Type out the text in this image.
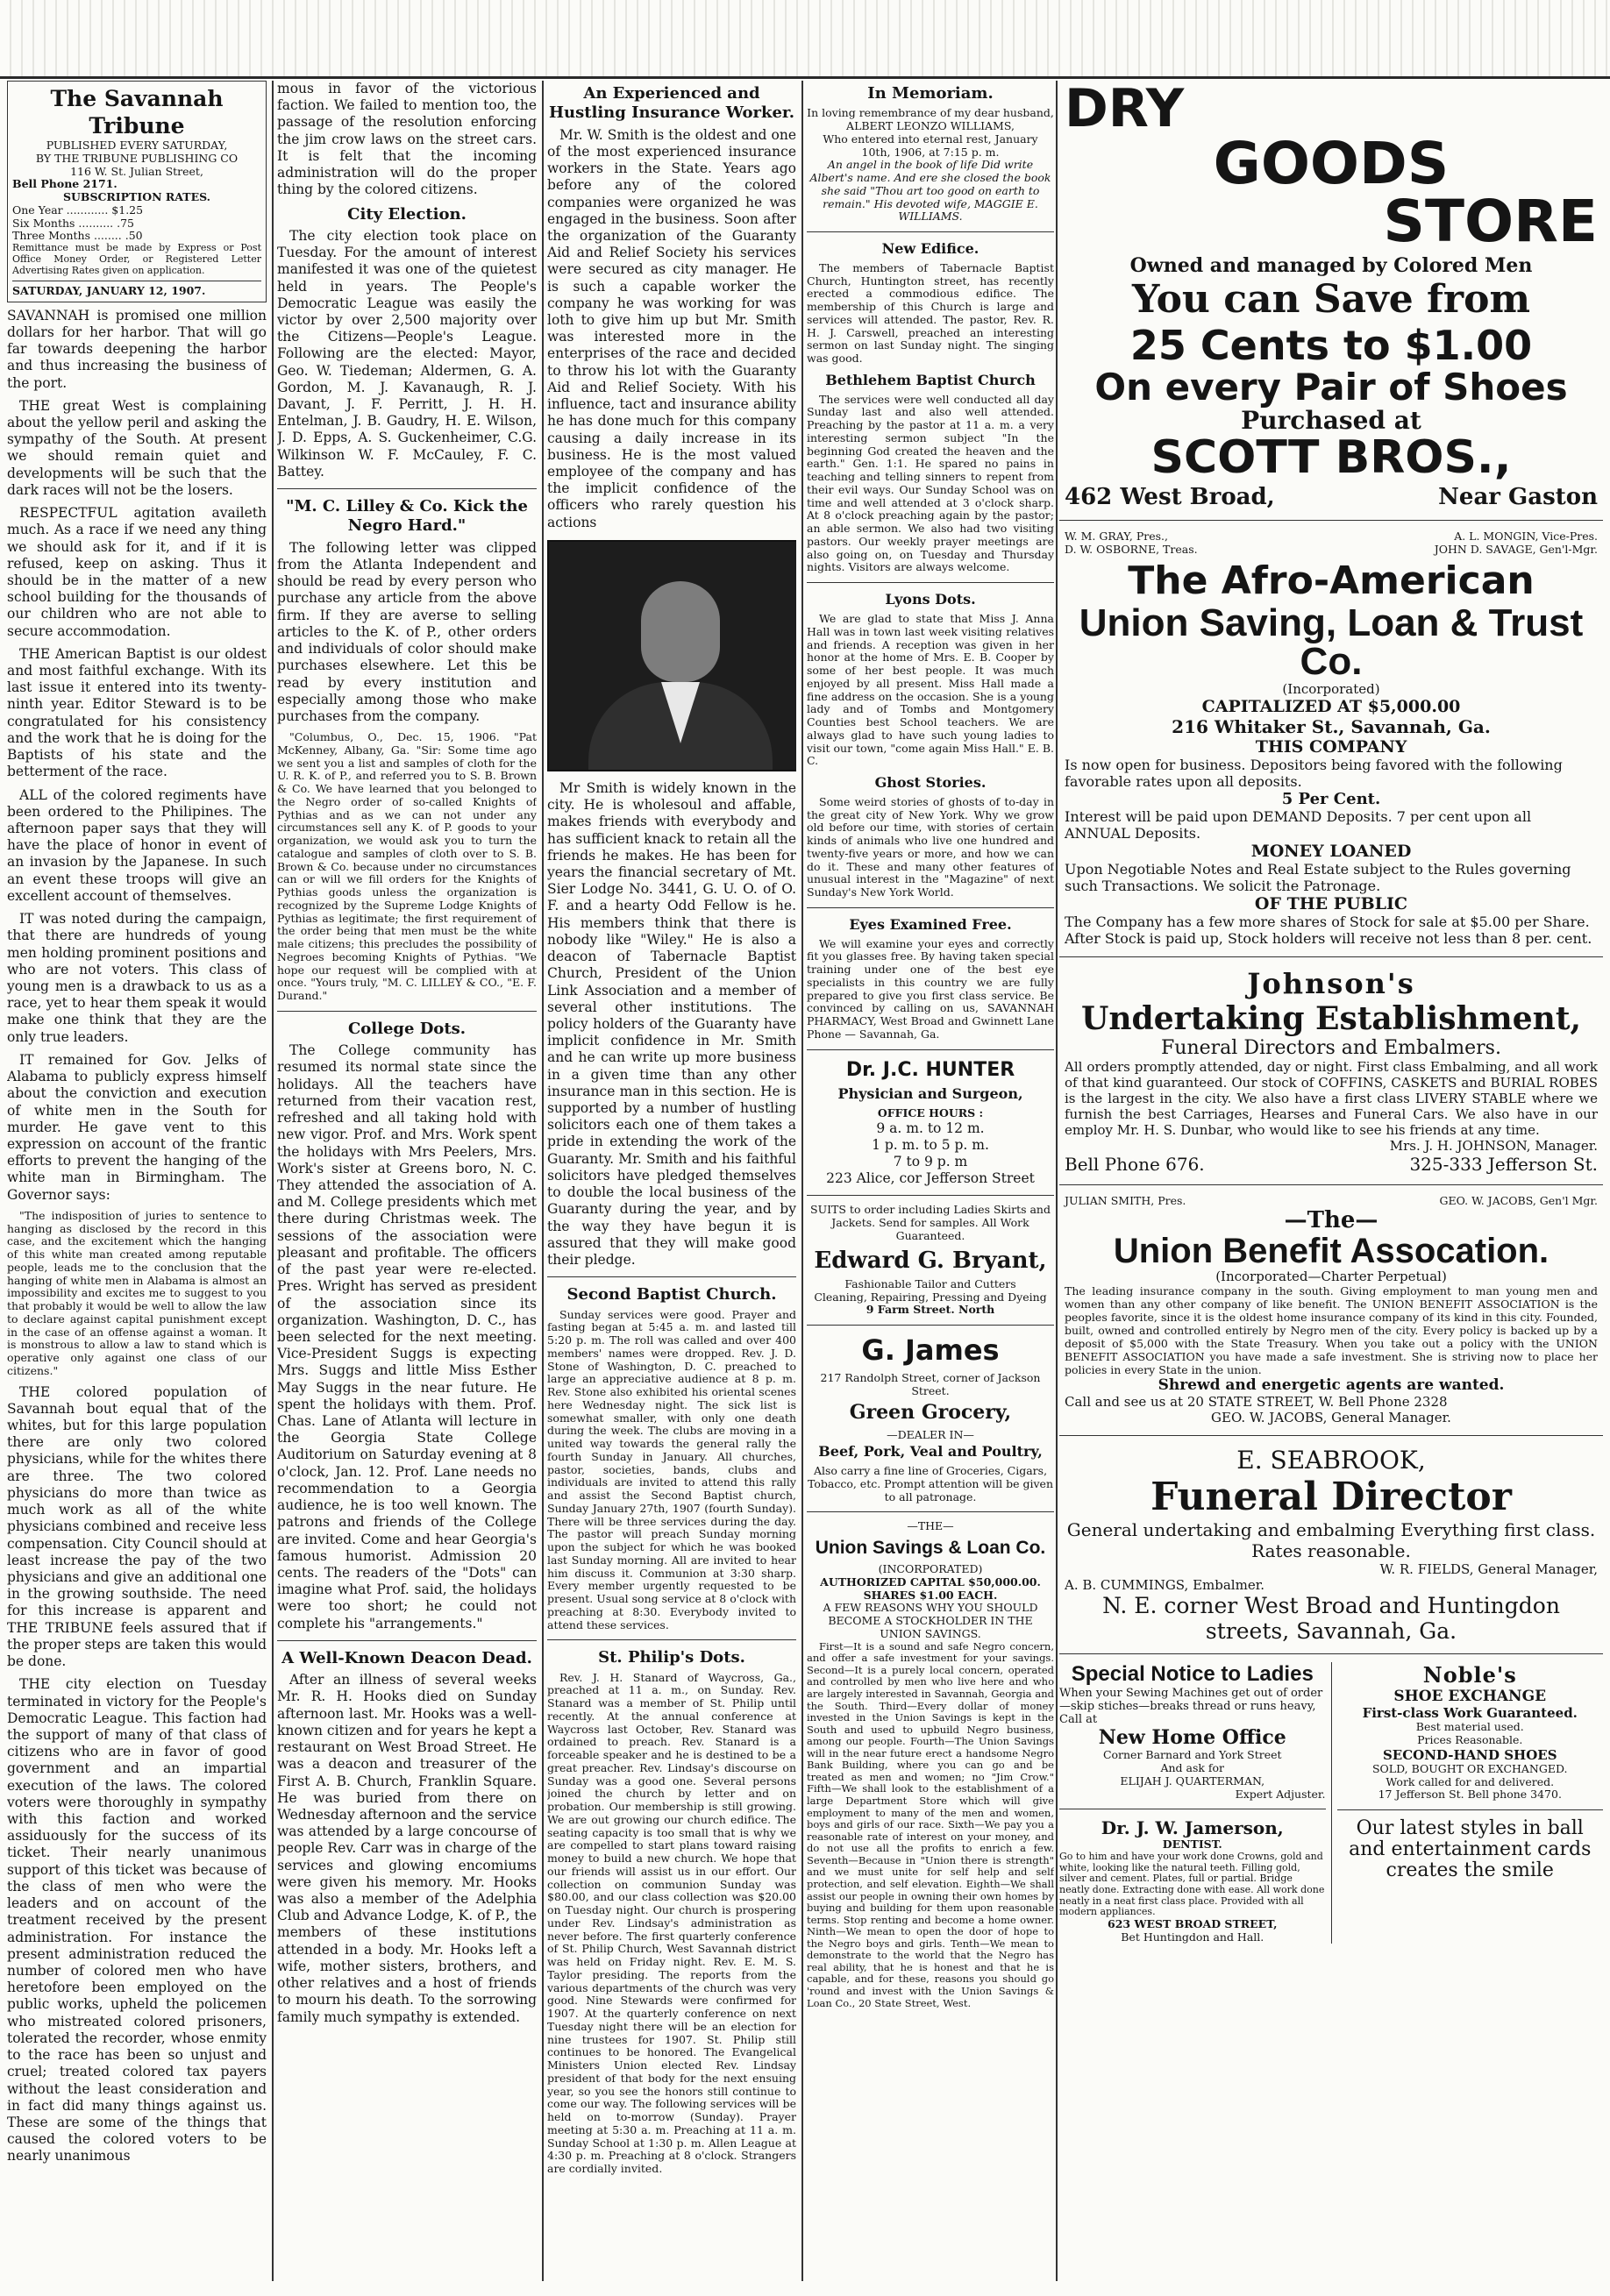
The Savannah Tribune
PUBLISHED EVERY SATURDAY,
BY THE TRIBUNE PUBLISHING CO
116 W. St. Julian Street,
Bell Phone 2171.
SUBSCRIPTION RATES.
One Year ............ $1.25
Six Months .......... .75
Three Months ........ .50
Remittance must be made by Express or Post Office Money Order, or Registered Letter Advertising Rates given on application.
SATURDAY, JANUARY 12, 1907.

SAVANNAH is promised one million dollars for her harbor. That will go far towards deepening the harbor and thus increasing the business of the port.

THE great West is complaining about the yellow peril and asking the sympathy of the South. At present we should remain quiet and developments will be such that the dark races will not be the losers.

RESPECTFUL agitation availeth much. As a race if we need any thing we should ask for it, and if it is refused, keep on asking. Thus it should be in the matter of a new school building for the thousands of our children who are not able to secure accommodation.

THE American Baptist is our oldest and most faithful exchange. With its last issue it entered into its twenty-ninth year. Editor Steward is to be congratulated for his consistency and the work that he is doing for the Baptists of his state and the betterment of the race.

ALL of the colored regiments have been ordered to the Philipines. The afternoon paper says that they will have the place of honor in event of an invasion by the Japanese. In such an event these troops will give an excellent account of themselves.

IT was noted during the campaign, that there are hundreds of young men holding prominent positions and who are not voters. This class of young men is a drawback to us as a race, yet to hear them speak it would make one think that they are the only true leaders.

IT remained for Gov. Jelks of Alabama to publicly express himself about the conviction and execution of white men in the South for murder. He gave vent to this expression on account of the frantic efforts to prevent the hanging of the white man in Birmingham. The Governor says:

"The indisposition of juries to sentence to hanging as disclosed by the record in this case, and the excitement which the hanging of this white man created among reputable people, leads me to the conclusion that the hanging of white men in Alabama is almost an impossibility and excites me to suggest to you that probably it would be well to allow the law to declare against capital punishment except in the case of an offense against a woman. It is monstrous to allow a law to stand which is operative only against one class of our citizens."

THE colored population of Savannah bout equal that of the whites, but for this large population there are only two colored physicians, while for the whites there are three. The two colored physicians do more than twice as much work as all of the white physicians combined and receive less compensation. City Council should at least increase the pay of the two physicians and give an additional one in the growing southside. The need for this increase is apparent and THE TRIBUNE feels assured that if the proper steps are taken this would be done.

THE city election on Tuesday terminated in victory for the People's Democratic League. This faction had the support of many of that class of citizens who are in favor of good government and an impartial execution of the laws. The colored voters were thoroughly in sympathy with this faction and worked assiduously for the success of its ticket. Their nearly unanimous support of this ticket was because of the class of men who were the leaders and on account of the treatment received by the present administration. For instance the present administration reduced the number of colored men who have heretofore been employed on the public works, upheld the policemen who mistreated colored prisoners, tolerated the recorder, whose enmity to the race has been so unjust and cruel; treated colored tax payers without the least consideration and in fact did many things against us. These are some of the things that caused the colored voters to be nearly unanimous

mous in favor of the victorious faction. We failed to mention too, the passage of the resolution enforcing the jim crow laws on the street cars. It is felt that the incoming administration will do the proper thing by the colored citizens.

City Election.

The city election took place on Tuesday. For the amount of interest manifested it was one of the quietest held in years. The People's Democratic League was easily the victor by over 2,500 majority over the Citizens—People's League. Following are the elected: Mayor, Geo. W. Tiedeman; Aldermen, G. A. Gordon, M. J. Kavanaugh, R. J. Davant, J. F. Perritt, J. H. H. Entelman, J. B. Gaudry, H. E. Wilson, J. D. Epps, A. S. Guckenheimer, C.G. Wilkinson W. F. McCauley, F. C. Battey.

"M. C. Lilley & Co. Kick the Negro Hard."

The following letter was clipped from the Atlanta Independent and should be read by every person who purchase any article from the above firm. If they are averse to selling articles to the K. of P., other orders and individuals of color should make purchases elsewhere. Let this be read by every institution and especially among those who make purchases from the company.

"Columbus, O., Dec. 15, 1906. "Pat McKenney, Albany, Ga. "Sir: Some time ago we sent you a list and samples of cloth for the U. R. K. of P., and referred you to S. B. Brown & Co. We have learned that you belonged to the Negro order of so-called Knights of Pythias and as we can not under any circumstances sell any K. of P. goods to your organization, we would ask you to turn the catalogue and samples of cloth over to S. B. Brown & Co. because under no circumstances can or will we fill orders for the Knights of Pythias goods unless the organization is recognized by the Supreme Lodge Knights of Pythias as legitimate; the first requirement of the order being that men must be the white male citizens; this precludes the possibility of Negroes becoming Knights of Pythias. "We hope our request will be complied with at once. "Yours truly, "M. C. LILLEY & CO., "E. F. Durand."

College Dots.

The College community has resumed its normal state since the holidays. All the teachers have returned from their vacation rest, refreshed and all taking hold with new vigor. Prof. and Mrs. Work spent the holidays with Mrs Peelers, Mrs. Work's sister at Greens boro, N. C. They attended the association of A. and M. College presidents which met there during Christmas week. The sessions of the association were pleasant and profitable. The officers of the past year were re-elected. Pres. Wright has served as president of the association since its organization. Washington, D. C., has been selected for the next meeting. Vice-President Suggs is expecting Mrs. Suggs and little Miss Esther May Suggs in the near future. He spent the holidays with them. Prof. Chas. Lane of Atlanta will lecture in the Georgia State College Auditorium on Saturday evening at 8 o'clock, Jan. 12. Prof. Lane needs no recommendation to a Georgia audience, he is too well known. The patrons and friends of the College are invited. Come and hear Georgia's famous humorist. Admission 20 cents. The readers of the "Dots" can imagine what Prof. said, the holidays were too short; he could not complete his "arrangements."

A Well-Known Deacon Dead.

After an illness of several weeks Mr. R. H. Hooks died on Sunday afternoon last. Mr. Hooks was a well-known citizen and for years he kept a restaurant on West Broad Street. He was a deacon and treasurer of the First A. B. Church, Franklin Square. He was buried from there on Wednesday afternoon and the service was attended by a large concourse of people Rev. Carr was in charge of the services and glowing encomiums were given his memory. Mr. Hooks was also a member of the Adelphia Club and Advance Lodge, K. of P., the members of these institutions attended in a body. Mr. Hooks left a wife, mother sisters, brothers, and other relatives and a host of friends to mourn his death. To the sorrowing family much sympathy is extended.

An Experienced and Hustling Insurance Worker.

Mr. W. Smith is the oldest and one of the most experienced insurance workers in the State. Years ago before any of the colored companies were organized he was engaged in the business. Soon after the organization of the Guaranty Aid and Relief Society his services were secured as city manager. He is such a capable worker the company he was working for was loth to give him up but Mr. Smith was interested more in the enterprises of the race and decided to throw his lot with the Guaranty Aid and Relief Society. With his influence, tact and insurance ability he has done much for this company causing a daily increase in its business. He is the most valued employee of the company and has the implicit confidence of the officers who rarely question his actions

Mr Smith is widely known in the city. He is wholesoul and affable, makes friends with everybody and has sufficient knack to retain all the friends he makes. He has been for years the financial secretary of Mt. Sier Lodge No. 3441, G. U. O. of O. F. and a hearty Odd Fellow is he. His members think that there is nobody like "Wiley." He is also a deacon of Tabernacle Baptist Church, President of the Union Link Association and a member of several other institutions. The policy holders of the Guaranty have implicit confidence in Mr. Smith and he can write up more business in a given time than any other insurance man in this section. He is supported by a number of hustling solicitors each one of them takes a pride in extending the work of the Guaranty. Mr. Smith and his faithful solicitors have pledged themselves to double the local business of the Guaranty during the year, and by the way they have begun it is assured that they will make good their pledge.

Second Baptist Church.

Sunday services were good. Prayer and fasting began at 5:45 a. m. and lasted till 5:20 p. m. The roll was called and over 400 members' names were dropped. Rev. J. D. Stone of Washington, D. C. preached to large an appreciative audience at 8 p. m. Rev. Stone also exhibited his oriental scenes here Wednesday night. The sick list is somewhat smaller, with only one death during the week. The clubs are moving in a united way towards the general rally the fourth Sunday in January. All churches, pastor, societies, bands, clubs and individuals are invited to attend this rally and assist the Second Baptist church, Sunday January 27th, 1907 (fourth Sunday). There will be three services during the day. The pastor will preach Sunday morning upon the subject for which he was booked last Sunday morning. All are invited to hear him discuss it. Communion at 3:30 sharp. Every member urgently requested to be present. Usual song service at 8 o'clock with preaching at 8:30. Everybody invited to attend these services.

St. Philip's Dots.

Rev. J. H. Stanard of Waycross, Ga., preached at 11 a. m., on Sunday. Rev. Stanard was a member of St. Philip until recently. At the annual conference at Waycross last October, Rev. Stanard was ordained to preach. Rev. Stanard is a forceable speaker and he is destined to be a great preacher. Rev. Lindsay's discourse on Sunday was a good one. Several persons joined the church by letter and on probation. Our membership is still growing. We are out growing our church edifice. The seating capacity is too small that is why we are compelled to start plans toward raising money to build a new church. We hope that our friends will assist us in our effort. Our collection on communion Sunday was $80.00, and our class collection was $20.00 on Tuesday night. Our church is prospering under Rev. Lindsay's administration as never before. The first quarterly conference of St. Philip Church, West Savannah district was held on Friday night. Rev. E. M. S. Taylor presiding. The reports from the various departments of the church was very good. Nine Stewards were confirmed for 1907. At the quarterly conference on next Tuesday night there will be an election for nine trustees for 1907. St. Philip still continues to be honored. The Evangelical Ministers Union elected Rev. Lindsay president of that body for the next ensuing year, so you see the honors still continue to come our way. The following services will be held on to-morrow (Sunday). Prayer meeting at 5:30 a. m. Preaching at 11 a. m. Sunday School at 1:30 p. m. Allen League at 4:30 p. m. Preaching at 8 o'clock. Strangers are cordially invited.

In Memoriam.
In loving remembrance of my dear husband,
ALBERT LEONZO WILLIAMS,
Who entered into eternal rest, January 10th, 1906, at 7:15 p. m.
An angel in the book of life Did write Albert's name. And ere she closed the book she said "Thou art too good on earth to remain." His devoted wife, MAGGIE E. WILLIAMS.
New Edifice.

The members of Tabernacle Baptist Church, Huntington street, has recently erected a commodious edifice. The membership of this Church is large and services will attended. The pastor, Rev. R. H. J. Carswell, preached an interesting sermon on last Sunday night. The singing was good.

Bethlehem Baptist Church

The services were well conducted all day Sunday last and also well attended. Preaching by the pastor at 11 a. m. a very interesting sermon subject "In the beginning God created the heaven and the earth." Gen. 1:1. He spared no pains in teaching and telling sinners to repent from their evil ways. Our Sunday School was on time and well attended at 3 o'clock sharp. At 8 o'clock preaching again by the pastor; an able sermon. We also had two visiting pastors. Our weekly prayer meetings are also going on, on Tuesday and Thursday nights. Visitors are always welcome.

Lyons Dots.

We are glad to state that Miss J. Anna Hall was in town last week visiting relatives and friends. A reception was given in her honor at the home of Mrs. E. B. Cooper by some of her best people. It was much enjoyed by all present. Miss Hall made a fine address on the occasion. She is a young lady and of Tombs and Montgomery Counties best School teachers. We are always glad to have such young ladies to visit our town, "come again Miss Hall." E. B. C.

Ghost Stories.

Some weird stories of ghosts of to-day in the great city of New York. Why we grow old before our time, with stories of certain kinds of animals who live one hundred and twenty-five years or more, and how we can do it. These and many other features of unusual interest in the "Magazine" of next Sunday's New York World.

Eyes Examined Free.

We will examine your eyes and correctly fit you glasses free. By having taken special training under one of the best eye specialists in this country we are fully prepared to give you first class service. Be convinced by calling on us, SAVANNAH PHARMACY, West Broad and Gwinnett Lane Phone — Savannah, Ga.

Dr. J.C. HUNTER
Physician and Surgeon,
OFFICE HOURS :
9 a. m. to 12 m.
1 p. m. to 5 p. m.
7 to 9 p. m
223 Alice, cor Jefferson Street
SUITS to order including Ladies Skirts and Jackets. Send for samples. All Work Guaranteed.
Edward G. Bryant,
Fashionable Tailor and Cutters
Cleaning, Repairing, Pressing and Dyeing
9 Farm Street. North
G. James
217 Randolph Street, corner of Jackson Street.
Green Grocery,
—DEALER IN—
Beef, Pork, Veal and Poultry,
Also carry a fine line of Groceries, Cigars, Tobacco, etc. Prompt attention will be given to all patronage.
—THE—
Union Savings & Loan Co.
(INCORPORATED)
AUTHORIZED CAPITAL $50,000.00.
SHARES $1.00 EACH.
A FEW REASONS WHY YOU SHOULD BECOME A STOCKHOLDER IN THE UNION SAVINGS.

First—It is a sound and safe Negro concern, and offer a safe investment for your savings. Second—It is a purely local concern, operated and controlled by men who live here and who are largely interested in Savannah, Georgia and the South. Third—Every dollar of money invested in the Union Savings is kept in the South and used to upbuild Negro business, among our people. Fourth—The Union Savings will in the near future erect a handsome Negro Bank Building, where you can go and be treated as men and women; no "Jim Crow." Fifth—We shall look to the establishment of a large Department Store which will give employment to many of the men and women, boys and girls of our race. Sixth—We pay you a reasonable rate of interest on your money, and do not use all the profits to enrich a few. Seventh—Because in "Union there is strength" and we must unite for self help and self protection, and self elevation. Eighth—We shall assist our people in owning their own homes by buying and building for them upon reasonable terms. Stop renting and become a home owner. Ninth—We mean to open the door of hope to the Negro boys and girls. Tenth—We mean to demonstrate to the world that the Negro has real ability, that he is honest and that he is capable, and for these, reasons you should go 'round and invest with the Union Savings & Loan Co., 20 State Street, West.

DRY
GOODS
STORE
Owned and managed by Colored Men
You can Save from
25 Cents to $1.00
On every Pair of Shoes
Purchased at
SCOTT BROS.,
462 West Broad,	Near Gaston
W. M. GRAY, Pres.,	A. L. MONGIN, Vice-Pres.
D. W. OSBORNE, Treas.	JOHN D. SAVAGE, Gen'l-Mgr.
The Afro-American
Union Saving, Loan & Trust Co.
(Incorporated)
CAPITALIZED AT $5,000.00
216 Whitaker St., Savannah, Ga.
THIS COMPANY
Is now open for business. Depositors being favored with the following favorable rates upon all deposits.
5 Per Cent.
Interest will be paid upon DEMAND Deposits. 7 per cent upon all ANNUAL Deposits.
MONEY LOANED
Upon Negotiable Notes and Real Estate subject to the Rules governing such Transactions. We solicit the Patronage.
OF THE PUBLIC
The Company has a few more shares of Stock for sale at $5.00 per Share. After Stock is paid up, Stock holders will receive not less than 8 per. cent.
Johnson's
Undertaking Establishment,
Funeral Directors and Embalmers.
All orders promptly attended, day or night. First class Embalming, and all work of that kind guaranteed. Our stock of COFFINS, CASKETS and BURIAL ROBES is the largest in the city. We also have a first class LIVERY STABLE where we furnish the best Carriages, Hearses and Funeral Cars. We also have in our employ Mr. H. S. Dunbar, who would like to see his friends at any time.
Mrs. J. H. JOHNSON, Manager.
Bell Phone 676.	325-333 Jefferson St.
JULIAN SMITH, Pres.	GEO. W. JACOBS, Gen'l Mgr.
—The—
Union Benefit Assocation.
(Incorporated—Charter Perpetual)
The leading insurance company in the south. Giving employment to man young men and women than any other company of like benefit. The UNION BENEFIT ASSOCIATION is the peoples favorite, since it is the oldest home insurance company of its kind in this city. Founded, built, owned and controlled entirely by Negro men of the city. Every policy is backed up by a deposit of $5,000 with the State Treasury. When you take out a policy with the UNION BENEFIT ASSOCIATION you have made a safe investment. She is striving now to place her policies in every State in the union.
Shrewd and energetic agents are wanted.
Call and see us at 20 STATE STREET, W. Bell Phone 2328
GEO. W. JACOBS, General Manager.
E. SEABROOK,
Funeral Director
General undertaking and embalming Everything first class. Rates reasonable.
W. R. FIELDS, General Manager,
A. B. CUMMINGS, Embalmer.
N. E. corner West Broad and Huntingdon streets, Savannah, Ga.
Special Notice to Ladies
When your Sewing Machines get out of order—skip stiches—breaks thread or runs heavy, Call at
New Home Office
Corner Barnard and York Street
And ask for
ELIJAH J. QUARTERMAN,
Expert Adjuster.
Dr. J. W. Jamerson,
DENTIST.
Go to him and have your work done Crowns, gold and white, looking like the natural teeth. Filling gold, silver and cement. Plates, full or partial. Bridge neatly done. Extracting done with ease. All work done neatly in a neat first class place. Provided with all modern appliances.
623 WEST BROAD STREET,
Bet Huntingdon and Hall.
Noble's
SHOE EXCHANGE
First-class Work Guaranteed.
Best material used.
Prices Reasonable.
SECOND-HAND SHOES
SOLD, BOUGHT OR EXCHANGED.
Work called for and delivered.
17 Jefferson St. Bell phone 3470.
Our latest styles in ball and entertainment cards creates the smile
